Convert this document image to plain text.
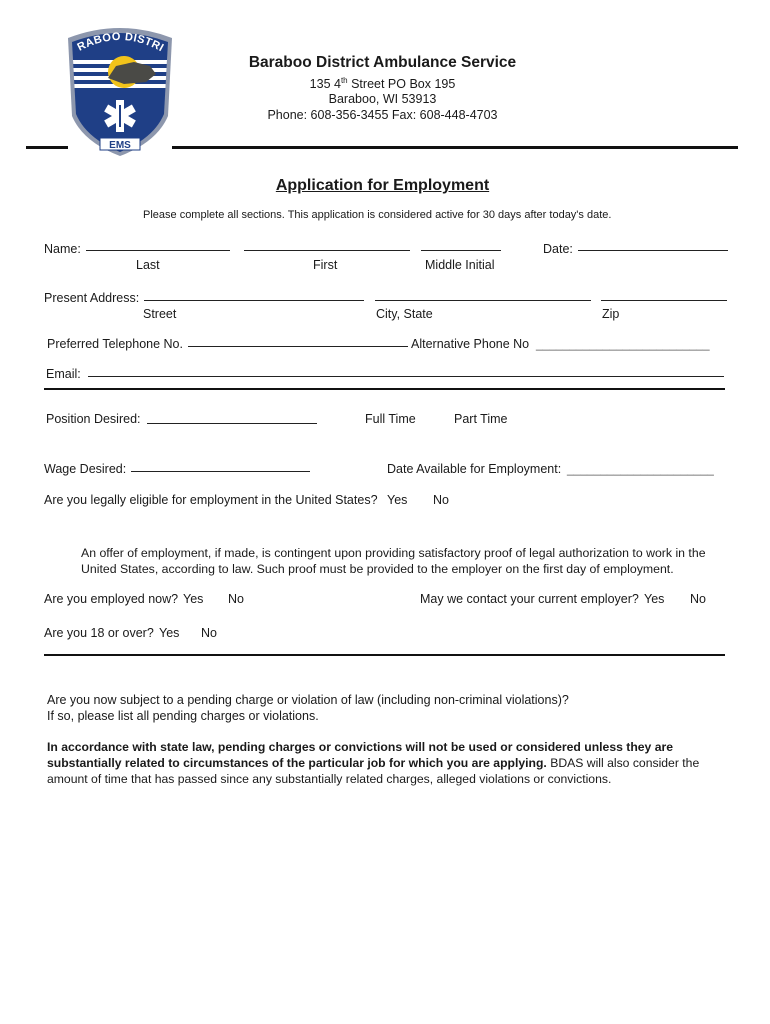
RABOO DISTRI
EMS
Baraboo District Ambulance Service
135 4th Street PO Box 195
Baraboo, WI 53913
Phone: 608-356-3455 Fax: 608-448-4703
Application for Employment
Please complete all sections. This application is considered active for 30 days after today's date.
Name:	Date:
Last	First	Middle Initial
Present Address:
Street	City, State	Zip
Preferred Telephone No.	Alternative Phone No __________________________
Email:
Position Desired:	Full Time	Part Time
Wage Desired:	Date Available for Employment: ______________________
Are you legally eligible for employment in the United States? Yes No
An offer of employment, if made, is contingent upon providing satisfactory proof of legal authorization to work in the United States, according to law. Such proof must be provided to the employer on the first day of employment.
Are you employed now? Yes No	May we contact your current employer? Yes No
Are you 18 or over? Yes No
Are you now subject to a pending charge or violation of law (including non-criminal violations)?
If so, please list all pending charges or violations.
In accordance with state law, pending charges or convictions will not be used or considered unless they are substantially related to circumstances of the particular job for which you are applying. BDAS will also consider the amount of time that has passed since any substantially related charges, alleged violations or convictions.
